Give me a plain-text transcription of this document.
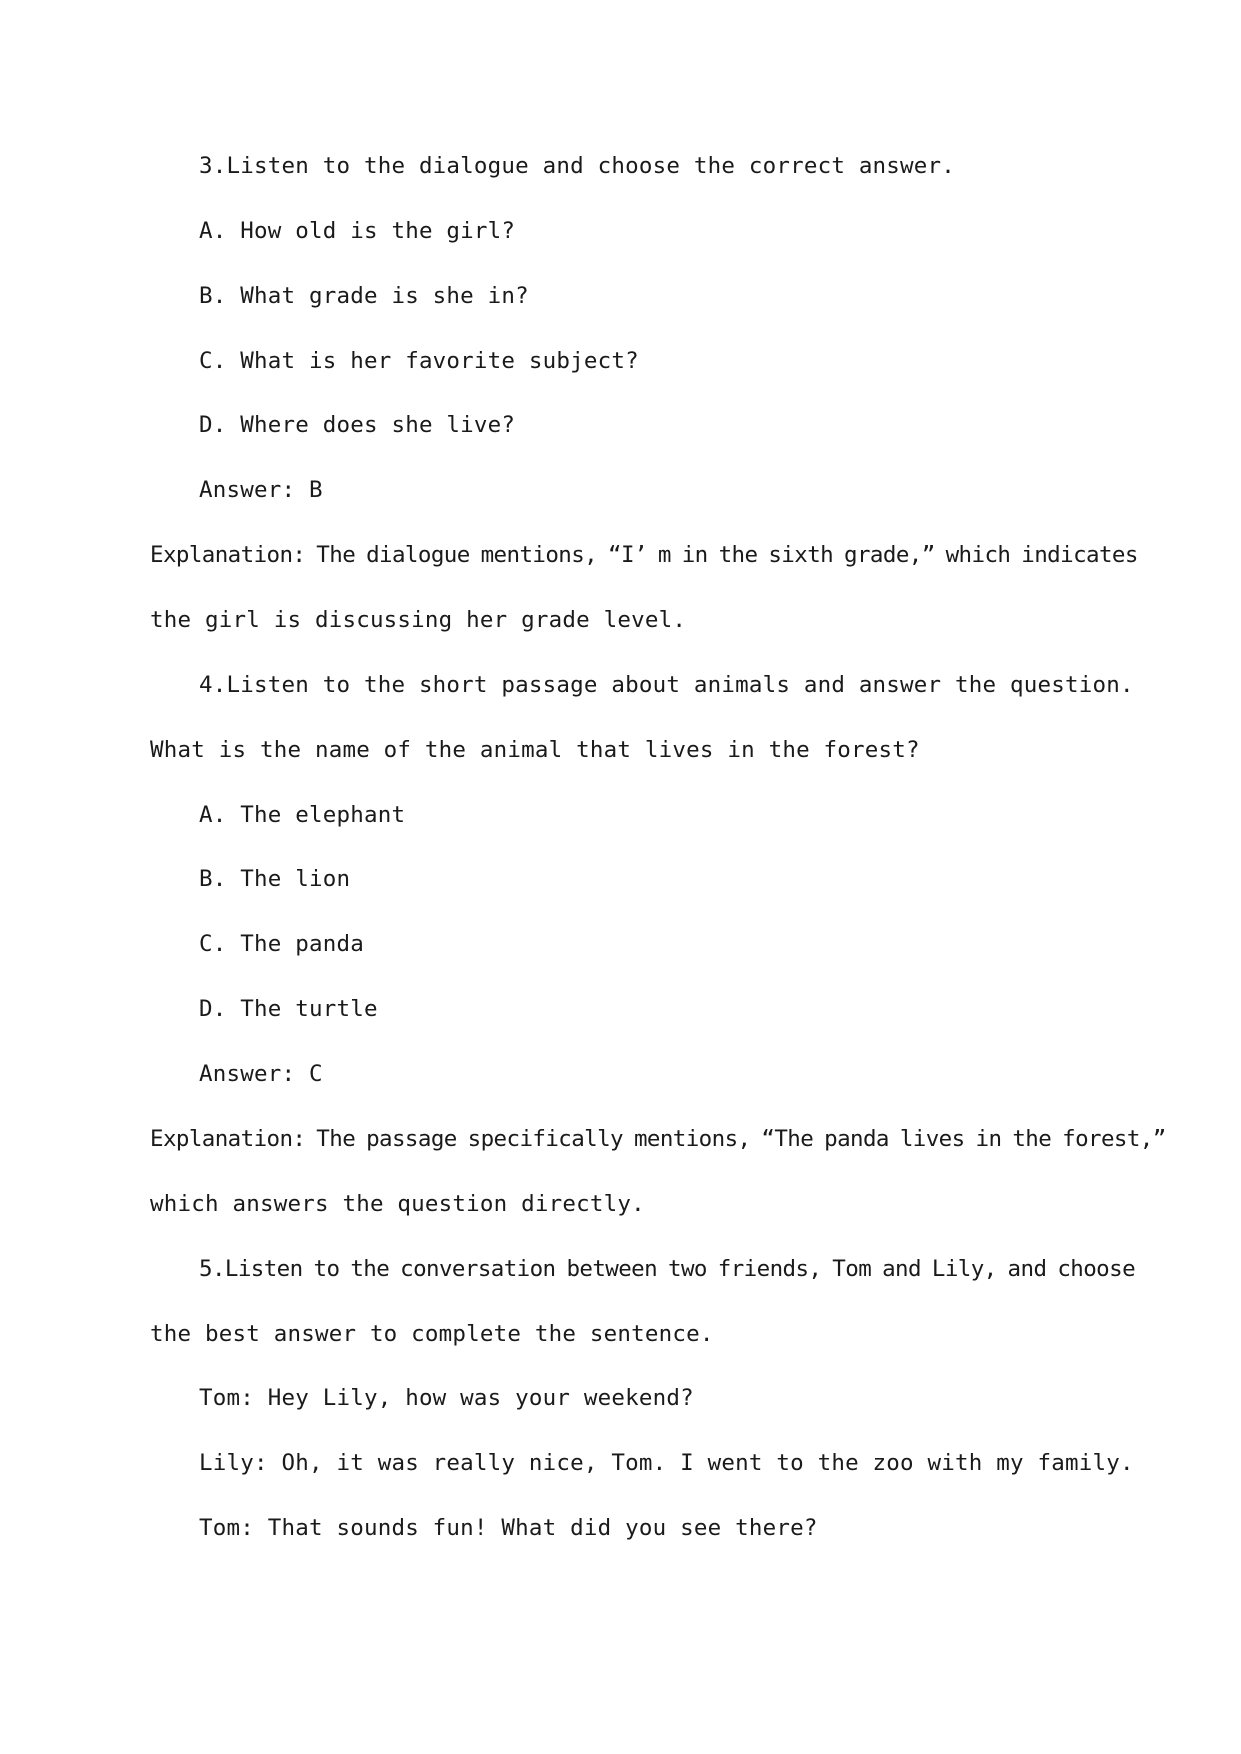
3.Listen to the dialogue and choose the correct answer.
A. How old is the girl?
B. What grade is she in?
C. What is her favorite subject?
D. Where does she live?
Answer: B
Explanation: The dialogue mentions, “I’ m in the sixth grade,” which indicates
the girl is discussing her grade level.
4.Listen to the short passage about animals and answer the question.
What is the name of the animal that lives in the forest?
A. The elephant
B. The lion
C. The panda
D. The turtle
Answer: C
Explanation: The passage specifically mentions, “The panda lives in the forest,”
which answers the question directly.
5.Listen to the conversation between two friends, Tom and Lily, and choose
the best answer to complete the sentence.
Tom: Hey Lily, how was your weekend?
Lily: Oh, it was really nice, Tom. I went to the zoo with my family.
Tom: That sounds fun! What did you see there?
